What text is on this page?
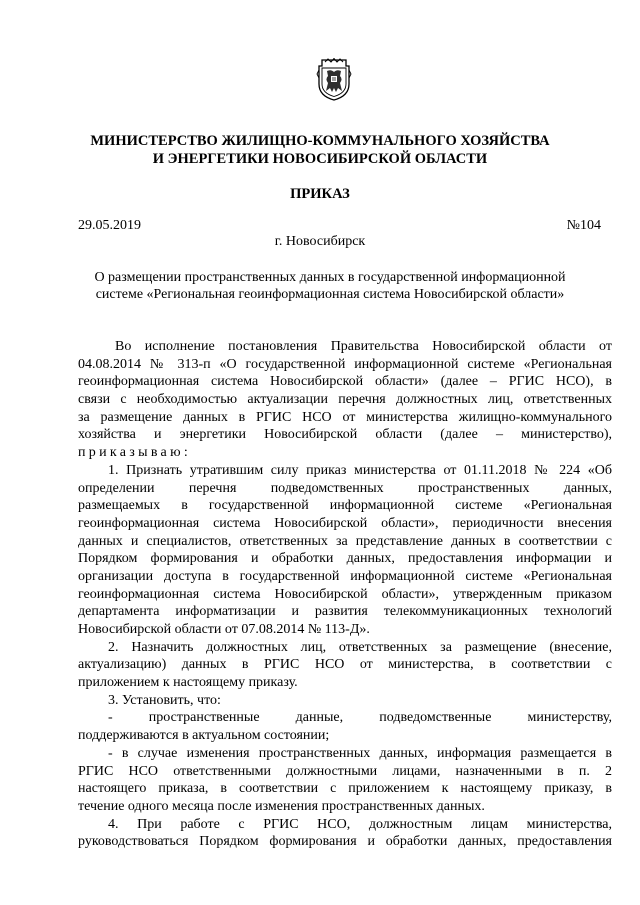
МИНИСТЕРСТВО ЖИЛИЩНО-КОММУНАЛЬНОГО ХОЗЯЙСТВА
И ЭНЕРГЕТИКИ НОВОСИБИРСКОЙ ОБЛАСТИ
ПРИКАЗ
29.05.2019	№104
г. Новосибирск
О размещении пространственных данных в государственной информационной
системе «Региональная геоинформационная система Новосибирской области»
Во исполнение постановления Правительства Новосибирской области от
04.08.2014 № 313-п «О государственной информационной системе «Региональная
геоинформационная система Новосибирской области» (далее – РГИС НСО), в
связи с необходимостью актуализации перечня должностных лиц, ответственных
за размещение данных в РГИС НСО от министерства жилищно-коммунального
хозяйства и энергетики Новосибирской области (далее – министерство),
приказываю:
1. Признать утратившим силу приказ министерства от 01.11.2018 № 224 «Об
определении перечня подведомственных пространственных данных,
размещаемых в государственной информационной системе «Региональная
геоинформационная система Новосибирской области», периодичности внесения
данных и специалистов, ответственных за представление данных в соответствии с
Порядком формирования и обработки данных, предоставления информации и
организации доступа в государственной информационной системе «Региональная
геоинформационная система Новосибирской области», утвержденным приказом
департамента информатизации и развития телекоммуникационных технологий
Новосибирской области от 07.08.2014 № 113-Д».
2. Назначить должностных лиц, ответственных за размещение (внесение,
актуализацию) данных в РГИС НСО от министерства, в соответствии с
приложением к настоящему приказу.
3. Установить, что:
- пространственные данные, подведомственные министерству,
поддерживаются в актуальном состоянии;
- в случае изменения пространственных данных, информация размещается в
РГИС НСО ответственными должностными лицами, назначенными в п. 2
настоящего приказа, в соответствии с приложением к настоящему приказу, в
течение одного месяца после изменения пространственных данных.
4. При работе с РГИС НСО, должностным лицам министерства,
руководствоваться Порядком формирования и обработки данных, предоставления
